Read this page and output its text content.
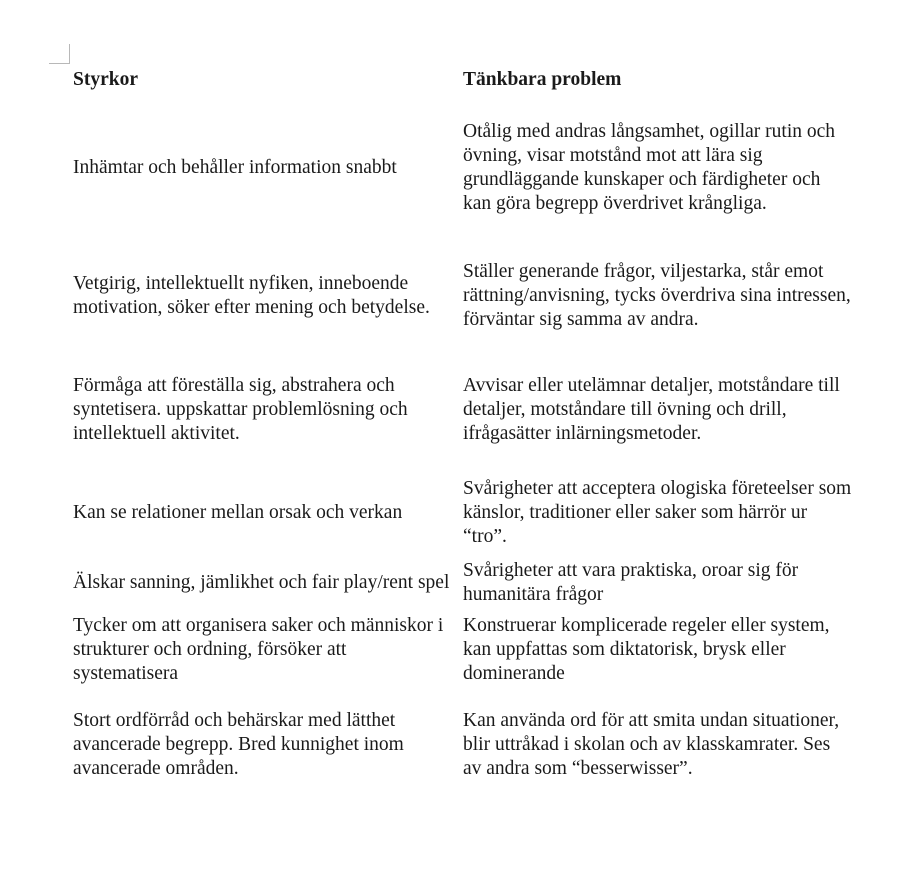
Styrkor	Tänkbara problem
Inhämtar och behåller information snabbt	Otålig med andras långsamhet, ogillar rutin och övning, visar motstånd mot att lära sig grundläggande kunskaper och färdigheter och kan göra begrepp överdrivet krångliga.
Vetgirig, intellektuellt nyfiken, inneboende motivation, söker efter mening och betydelse.	Ställer generande frågor, viljestarka, står emot rättning/anvisning, tycks överdriva sina intressen, förväntar sig samma av andra.
Förmåga att föreställa sig, abstrahera och syntetisera. uppskattar problemlösning och intellektuell aktivitet.	Avvisar eller utelämnar detaljer, motståndare till detaljer, motståndare till övning och drill, ifrågasätter inlärningsmetoder.
Kan se relationer mellan orsak och verkan	Svårigheter att acceptera ologiska företeelser som känslor, traditioner eller saker som härrör ur “tro”.
Älskar sanning, jämlikhet och fair play/rent spel	Svårigheter att vara praktiska, oroar sig för humanitära frågor
Tycker om att organisera saker och människor i strukturer och ordning, försöker att systematisera	Konstruerar komplicerade regeler eller system, kan uppfattas som diktatorisk, brysk eller dominerande
Stort ordförråd och behärskar med lätthet avancerade begrepp. Bred kunnighet inom avancerade områden.	Kan använda ord för att smita undan situationer, blir uttråkad i skolan och av klasskamrater. Ses av andra som “besserwisser”.
